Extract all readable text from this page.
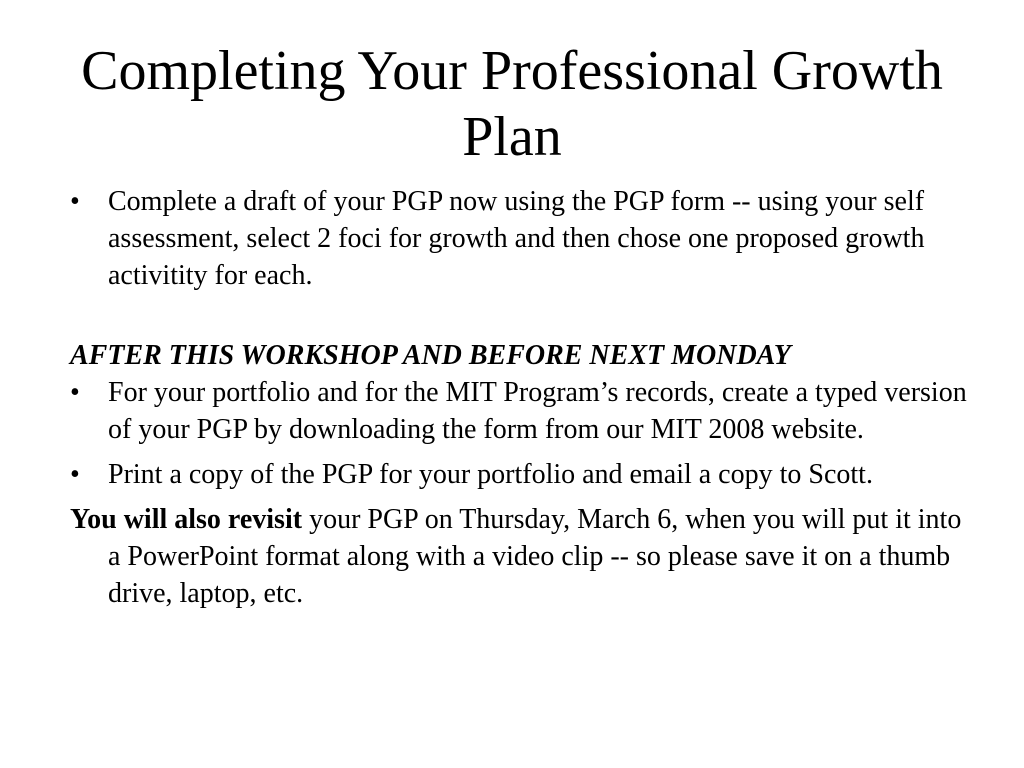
Completing Your Professional Growth Plan
•	Complete a draft of your PGP now using the PGP form -- using your self assessment, select 2 foci for growth and then chose one proposed growth activitity for each.
AFTER THIS WORKSHOP AND BEFORE NEXT MONDAY
•	For your portfolio and for the MIT Program’s records, create a typed version of your PGP by downloading the form from our MIT 2008 website.
•	Print a copy of the PGP for your portfolio and email a copy to Scott.
You will also revisit your PGP on Thursday, March 6, when you will put it into a PowerPoint format along with a video clip -- so please save it on a thumb drive, laptop, etc.
